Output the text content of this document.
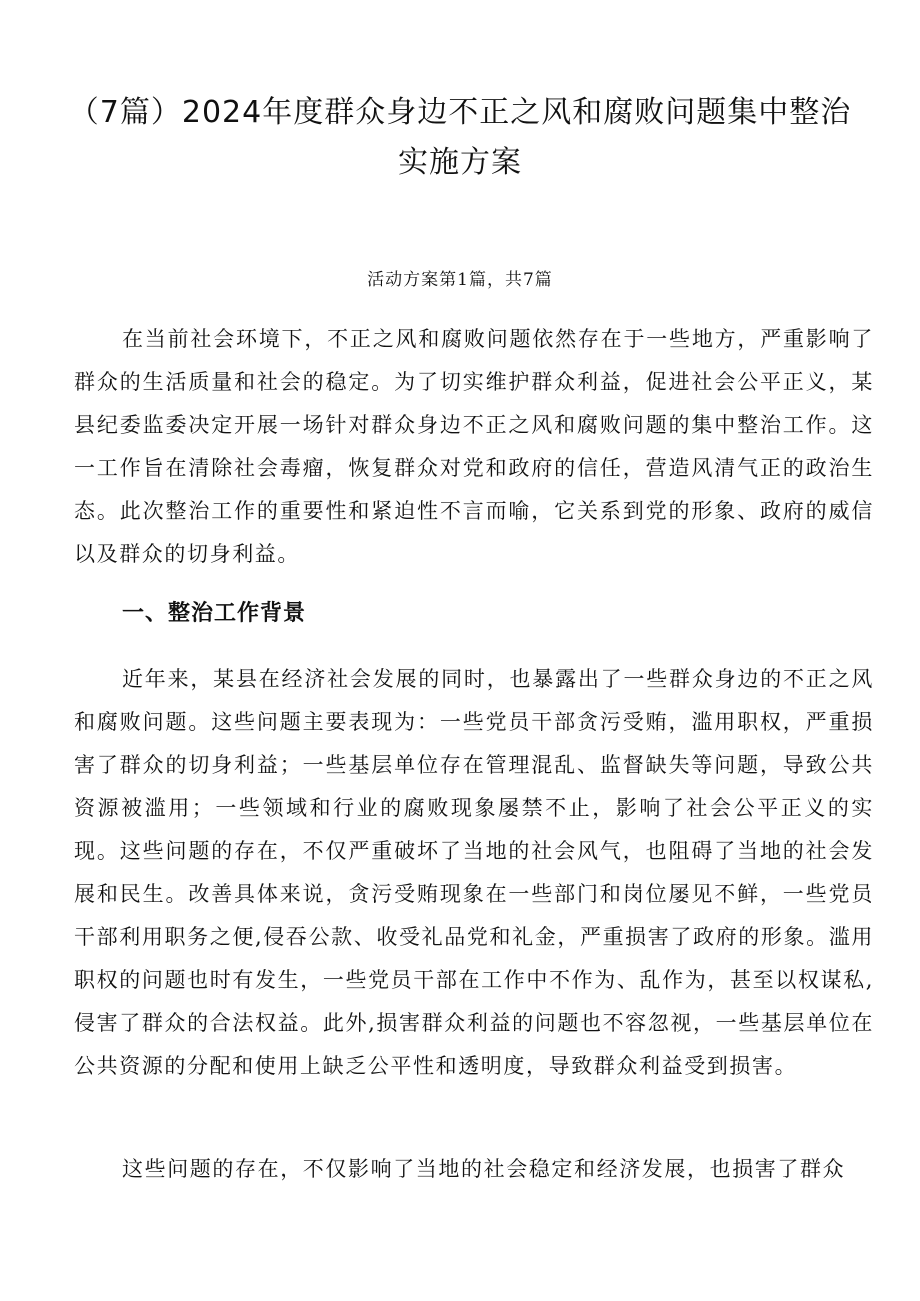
（7篇）2024年度群众身边不正之风和腐败问题集中整治实施方案

活动方案第1篇，共7篇

在当前社会环境下，不正之风和腐败问题依然存在于一些地方，严重影响了群众的生活质量和社会的稳定。为了切实维护群众利益，促进社会公平正义，某县纪委监委决定开展一场针对群众身边不正之风和腐败问题的集中整治工作。这一工作旨在清除社会毒瘤，恢复群众对党和政府的信任，营造风清气正的政治生态。此次整治工作的重要性和紧迫性不言而喻，它关系到党的形象、政府的威信以及群众的切身利益。

一、整治工作背景

近年来，某县在经济社会发展的同时，也暴露出了一些群众身边的不正之风和腐败问题。这些问题主要表现为：一些党员干部贪污受贿，滥用职权，严重损害了群众的切身利益；一些基层单位存在管理混乱、监督缺失等问题，导致公共资源被滥用；一些领域和行业的腐败现象屡禁不止，影响了社会公平正义的实现。这些问题的存在，不仅严重破坏了当地的社会风气，也阻碍了当地的社会发展和民生。改善具体来说，贪污受贿现象在一些部门和岗位屡见不鲜，一些党员干部利用职务之便,侵吞公款、收受礼品党和礼金，严重损害了政府的形象。滥用职权的问题也时有发生，一些党员干部在工作中不作为、乱作为，甚至以权谋私,侵害了群众的合法权益。此外,损害群众利益的问题也不容忽视，一些基层单位在公共资源的分配和使用上缺乏公平性和透明度，导致群众利益受到损害。

这些问题的存在，不仅影响了当地的社会稳定和经济发展，也损害了群众
